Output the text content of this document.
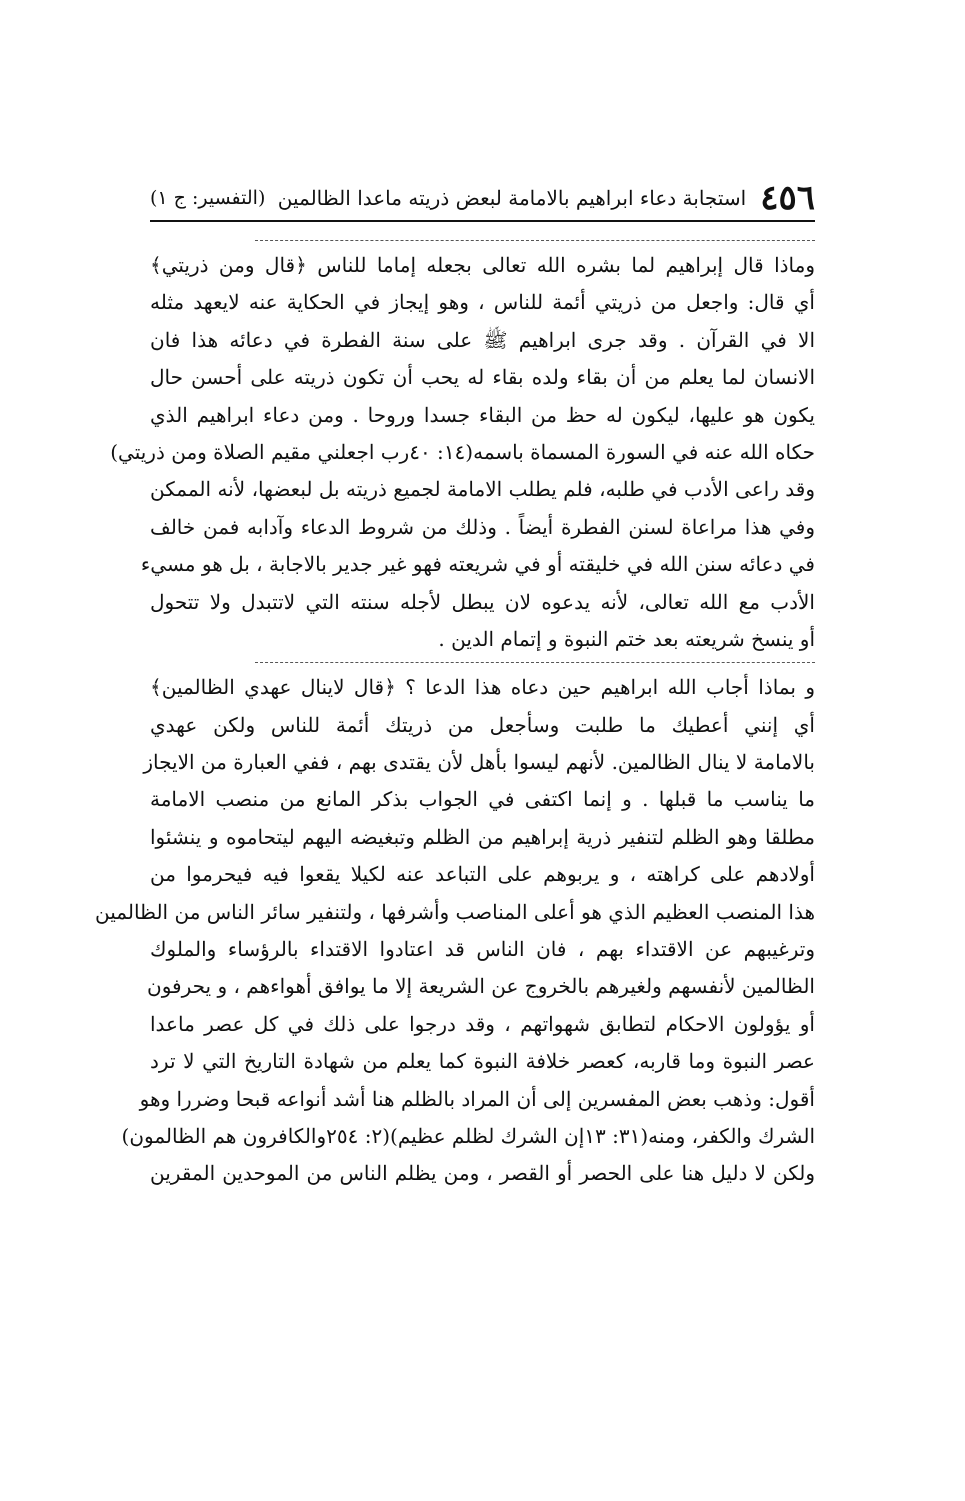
٤٥٦
استجابة دعاء ابراهيم بالامامة لبعض ذريته ماعدا الظالمين
(التفسير: ج ١)
وماذا قال إبراهيم لما بشره الله تعالى بجعله إماما للناس ﴿قال ومن ذريتي﴾
أي قال: واجعل من ذريتي أئمة للناس ، وهو إيجاز في الحكاية عنه لايعهد مثله
الا في القرآن . وقد جرى ابراهيم ﷺ على سنة الفطرة في دعائه هذا فان
الانسان لما يعلم من أن بقاء ولده بقاء له يحب أن تكون ذريته على أحسن حال
يكون هو عليها، ليكون له حظ من البقاء جسدا وروحا . ومن دعاء ابراهيم الذي
حكاه الله عنه في السورة المسماة باسمه(١٤: ٤٠رب اجعلني مقيم الصلاة ومن ذريتي)
وقد راعى الأدب في طلبه، فلم يطلب الامامة لجميع ذريته بل لبعضها، لأنه الممكن
وفي هذا مراعاة لسنن الفطرة أيضاً . وذلك من شروط الدعاء وآدابه فمن خالف
في دعائه سنن الله في خليقته أو في شريعته فهو غير جدير بالاجابة ، بل هو مسيء
الأدب مع الله تعالى، لأنه يدعوه لان يبطل لأجله سنته التي لاتتبدل ولا تتحول
أو ينسخ شريعته بعد ختم النبوة و إتمام الدين .
و بماذا أجاب الله ابراهيم حين دعاه هذا الدعا ؟ ﴿قال لاينال عهدي الظالمين﴾
أي إنني أعطيك ما طلبت وسأجعل من ذريتك أئمة للناس ولكن عهدي
بالامامة لا ينال الظالمين. لأنهم ليسوا بأهل لأن يقتدى بهم ، ففي العبارة من الايجاز
ما يناسب ما قبلها . و إنما اكتفى في الجواب بذكر المانع من منصب الامامة
مطلقا وهو الظلم لتنفير ذرية إبراهيم من الظلم وتبغيضه اليهم ليتحاموه و ينشئوا
أولادهم على كراهته ، و يربوهم على التباعد عنه لكيلا يقعوا فيه فيحرموا من
هذا المنصب العظيم الذي هو أعلى المناصب وأشرفها ، ولتنفير سائر الناس من الظالمين
وترغيبهم عن الاقتداء بهم ، فان الناس قد اعتادوا الاقتداء بالرؤساء والملوك
الظالمين لأنفسهم ولغيرهم بالخروج عن الشريعة إلا ما يوافق أهواءهم ، و يحرفون
أو يؤولون الاحكام لتطابق شهواتهم ، وقد درجوا على ذلك في كل عصر ماعدا
عصر النبوة وما قاربه، كعصر خلافة النبوة كما يعلم من شهادة التاريخ التي لا ترد
أقول: وذهب بعض المفسرين إلى أن المراد بالظلم هنا أشد أنواعه قبحا وضررا وهو
الشرك والكفر، ومنه(٣١: ١٣إن الشرك لظلم عظيم)(٢: ٢٥٤والكافرون هم الظالمون)
ولكن لا دليل هنا على الحصر أو القصر ، ومن يظلم الناس من الموحدين المقرين
